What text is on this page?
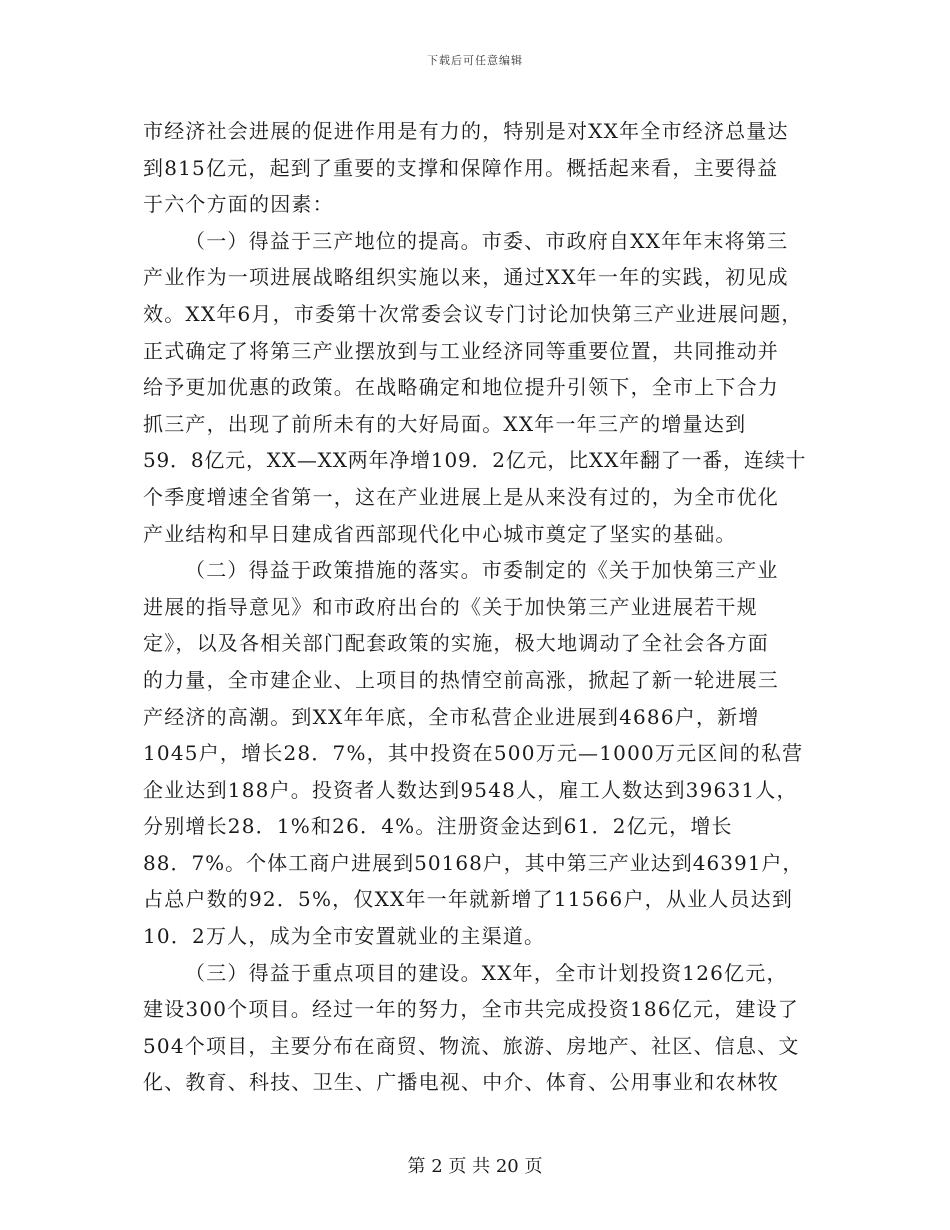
下载后可任意编辑
市经济社会进展的促进作用是有力的，特别是对XX年全市经济总量达
到815亿元，起到了重要的支撑和保障作用。概括起来看，主要得益
于六个方面的因素：
（一）得益于三产地位的提高。市委、市政府自XX年年末将第三
产业作为一项进展战略组织实施以来，通过XX年一年的实践，初见成
效。XX年6月，市委第十次常委会议专门讨论加快第三产业进展问题，
正式确定了将第三产业摆放到与工业经济同等重要位置，共同推动并
给予更加优惠的政策。在战略确定和地位提升引领下，全市上下合力
抓三产，出现了前所未有的大好局面。XX年一年三产的增量达到
59．8亿元，XX—XX两年净增109．2亿元，比XX年翻了一番，连续十
个季度增速全省第一，这在产业进展上是从来没有过的，为全市优化
产业结构和早日建成省西部现代化中心城市奠定了坚实的基础。
（二）得益于政策措施的落实。市委制定的《关于加快第三产业
进展的指导意见》和市政府出台的《关于加快第三产业进展若干规
定》，以及各相关部门配套政策的实施，极大地调动了全社会各方面
的力量，全市建企业、上项目的热情空前高涨，掀起了新一轮进展三
产经济的高潮。到XX年年底，全市私营企业进展到4686户，新增
1045户，增长28．7%，其中投资在500万元—1000万元区间的私营
企业达到188户。投资者人数达到9548人，雇工人数达到39631人，
分别增长28．1%和26．4%。注册资金达到61．2亿元，增长
88．7%。个体工商户进展到50168户，其中第三产业达到46391户，
占总户数的92．5%，仅XX年一年就新增了11566户，从业人员达到
10．2万人，成为全市安置就业的主渠道。
（三）得益于重点项目的建设。XX年，全市计划投资126亿元，
建设300个项目。经过一年的努力，全市共完成投资186亿元，建设了
504个项目，主要分布在商贸、物流、旅游、房地产、社区、信息、文
化、教育、科技、卫生、广播电视、中介、体育、公用事业和农林牧
第 2 页 共 20 页
